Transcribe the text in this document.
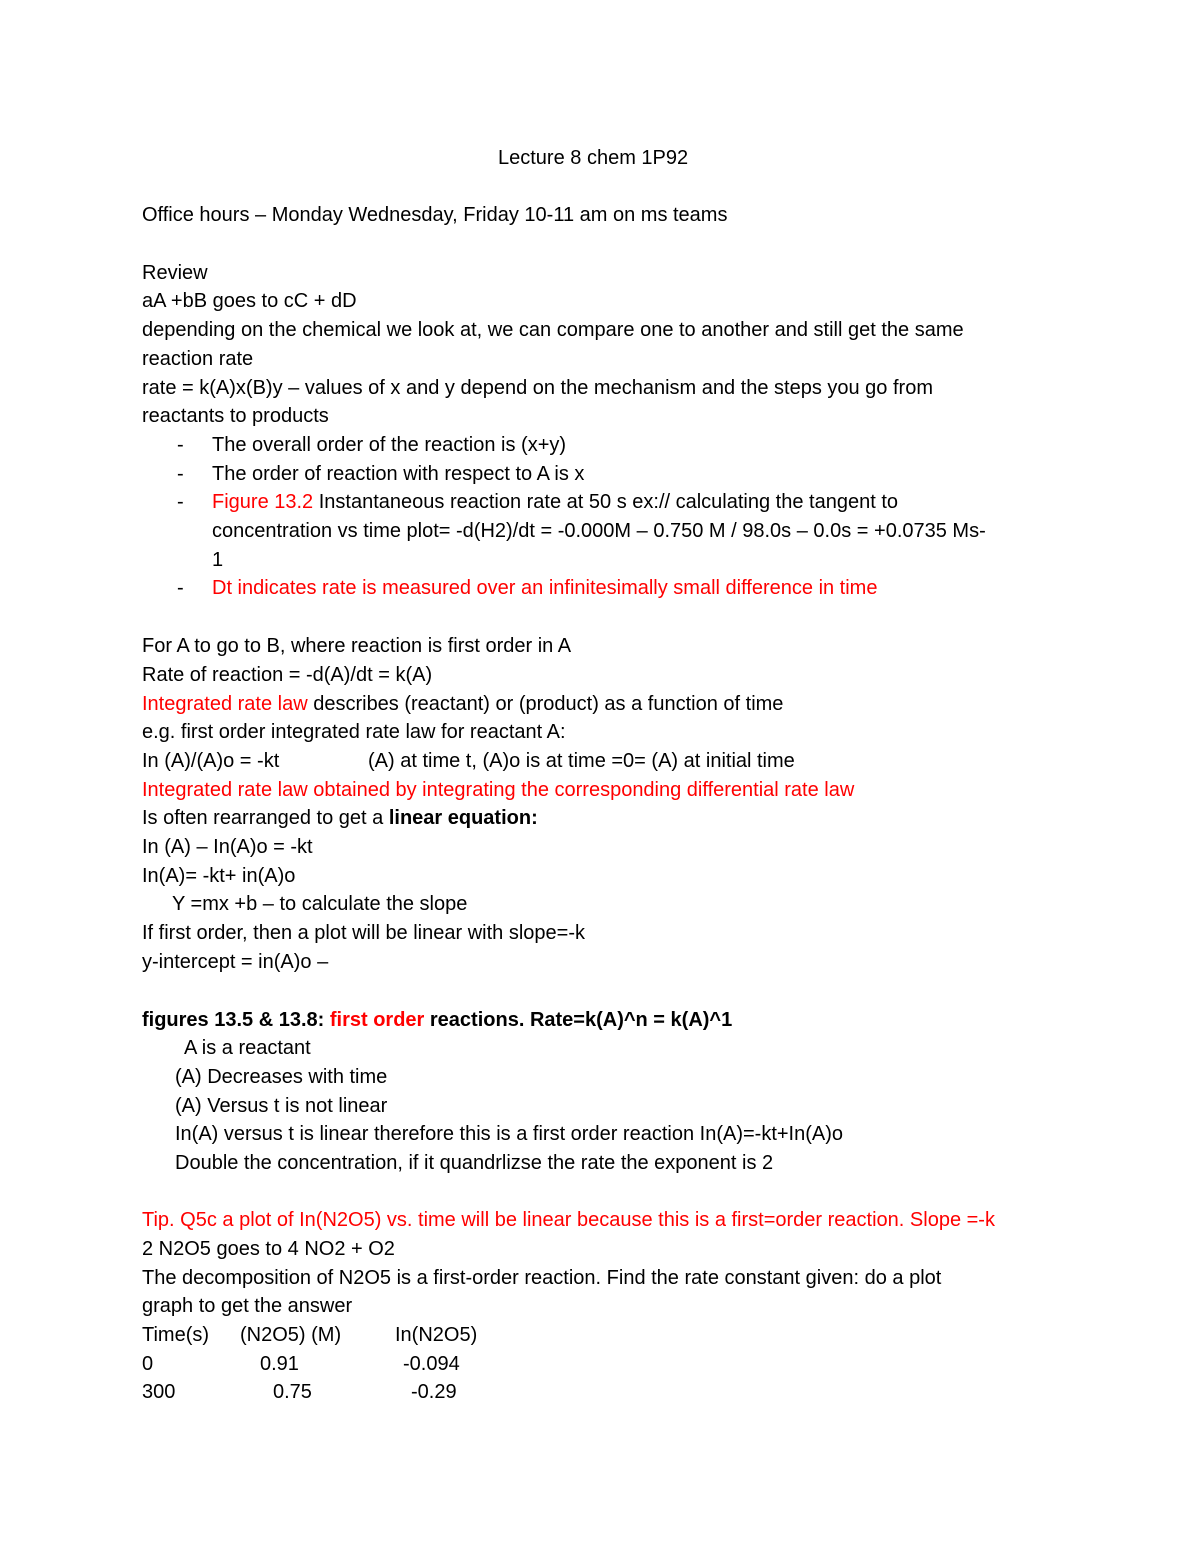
Lecture 8 chem 1P92
Office hours – Monday Wednesday, Friday 10-11 am on ms teams
Review
aA +bB goes to cC + dD
depending on the chemical we look at, we can compare one to another and still get the same
reaction rate
rate = k(A)x(B)y – values of x and y depend on the mechanism and the steps you go from
reactants to products
- The overall order of the reaction is (x+y)
- The order of reaction with respect to A is x
- Figure 13.2 Instantaneous reaction rate at 50 s ex:// calculating the tangent to
concentration vs time plot= -d(H2)/dt = -0.000M – 0.750 M / 98.0s – 0.0s = +0.0735 Ms-
1
- Dt indicates rate is measured over an infinitesimally small difference in time
For A to go to B, where reaction is first order in A
Rate of reaction = -d(A)/dt = k(A)
Integrated rate law describes (reactant) or (product) as a function of time
e.g. first order integrated rate law for reactant A:
In (A)/(A)o = -kt	(A) at time t, (A)o is at time =0= (A) at initial time
Integrated rate law obtained by integrating the corresponding differential rate law
Is often rearranged to get a linear equation:
In (A) – In(A)o = -kt
In(A)= -kt+ in(A)o
Y =mx +b – to calculate the slope
If first order, then a plot will be linear with slope=-k
y-intercept = in(A)o –
figures 13.5 & 13.8: first order reactions. Rate=k(A)^n = k(A)^1
A is a reactant
(A) Decreases with time
(A) Versus t is not linear
In(A) versus t is linear therefore this is a first order reaction In(A)=-kt+In(A)o
Double the concentration, if it quandrlizse the rate the exponent is 2
Tip. Q5c a plot of In(N2O5) vs. time will be linear because this is a first=order reaction. Slope =-k
2 N2O5 goes to 4 NO2 + O2
The decomposition of N2O5 is a first-order reaction. Find the rate constant given: do a plot
graph to get the answer
Time(s) (N2O5) (M)	In(N2O5)
0	0.91	-0.094
300	0.75	-0.29
